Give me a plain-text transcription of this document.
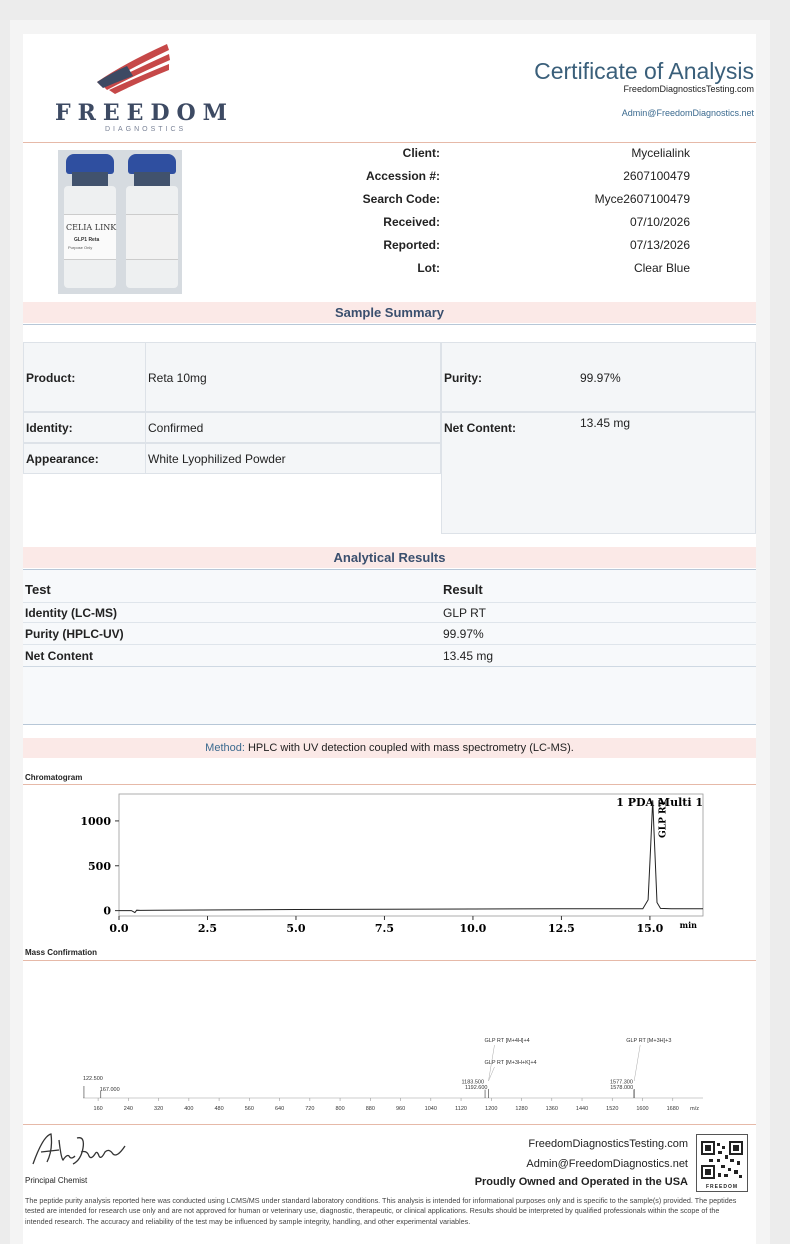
FREEDOM
DIAGNOSTICS
Certificate of Analysis
FreedomDiagnosticsTesting.com
Admin@FreedomDiagnostics.net
CELIA LINK
GLP1 Reta
Purpose Only
Client:	Mycelialink
Accession #:	2607100479
Search Code:	Myce2607100479
Received:	07/10/2026
Reported:	07/13/2026
Lot:	Clear Blue
Sample Summary
Product:	Reta 10mg
Identity:	Confirmed
Appearance:	White Lyophilized Powder
Purity:	99.97%
Net Content:	13.45 mg
Analytical Results
Test	Result
Identity (LC-MS)	GLP RT
Purity (HPLC-UV)	99.97%
Net Content	13.45 mg
Method: HPLC with UV detection coupled with mass spectrometry (LC-MS).
Chromatogram
0
500
1000
0.0	2.5	5.0	7.5	10.0	12.5	15.0 min
1 PDA Multi 1
GLP RT
Mass Confirmation
160	240	320	400	480	560	640	720	800	880	960	1040	1120	1200	1280	1360	1440	1520	1600	1680 m/z
122.500
167.000
1183.500
1192.600
GLP RT [M+4H]+4
GLP RT [M+3H+K]+4
1577.300
1578.000
GLP RT [M+3H]+3
Principal Chemist
FreedomDiagnosticsTesting.com
Admin@FreedomDiagnostics.net
Proudly Owned and Operated in the USA	FREEDOM
The peptide purity analysis reported here was conducted using LCMS/MS under standard laboratory conditions. This analysis is intended for informational purposes only and is specific to the sample(s) provided. The peptides tested are intended for research use only and are not approved for human or veterinary use, diagnostic, therapeutic, or clinical applications. Results should be interpreted by qualified professionals within the scope of the intended research. The accuracy and reliability of the test may be influenced by sample integrity, handling, and other experimental variables.
